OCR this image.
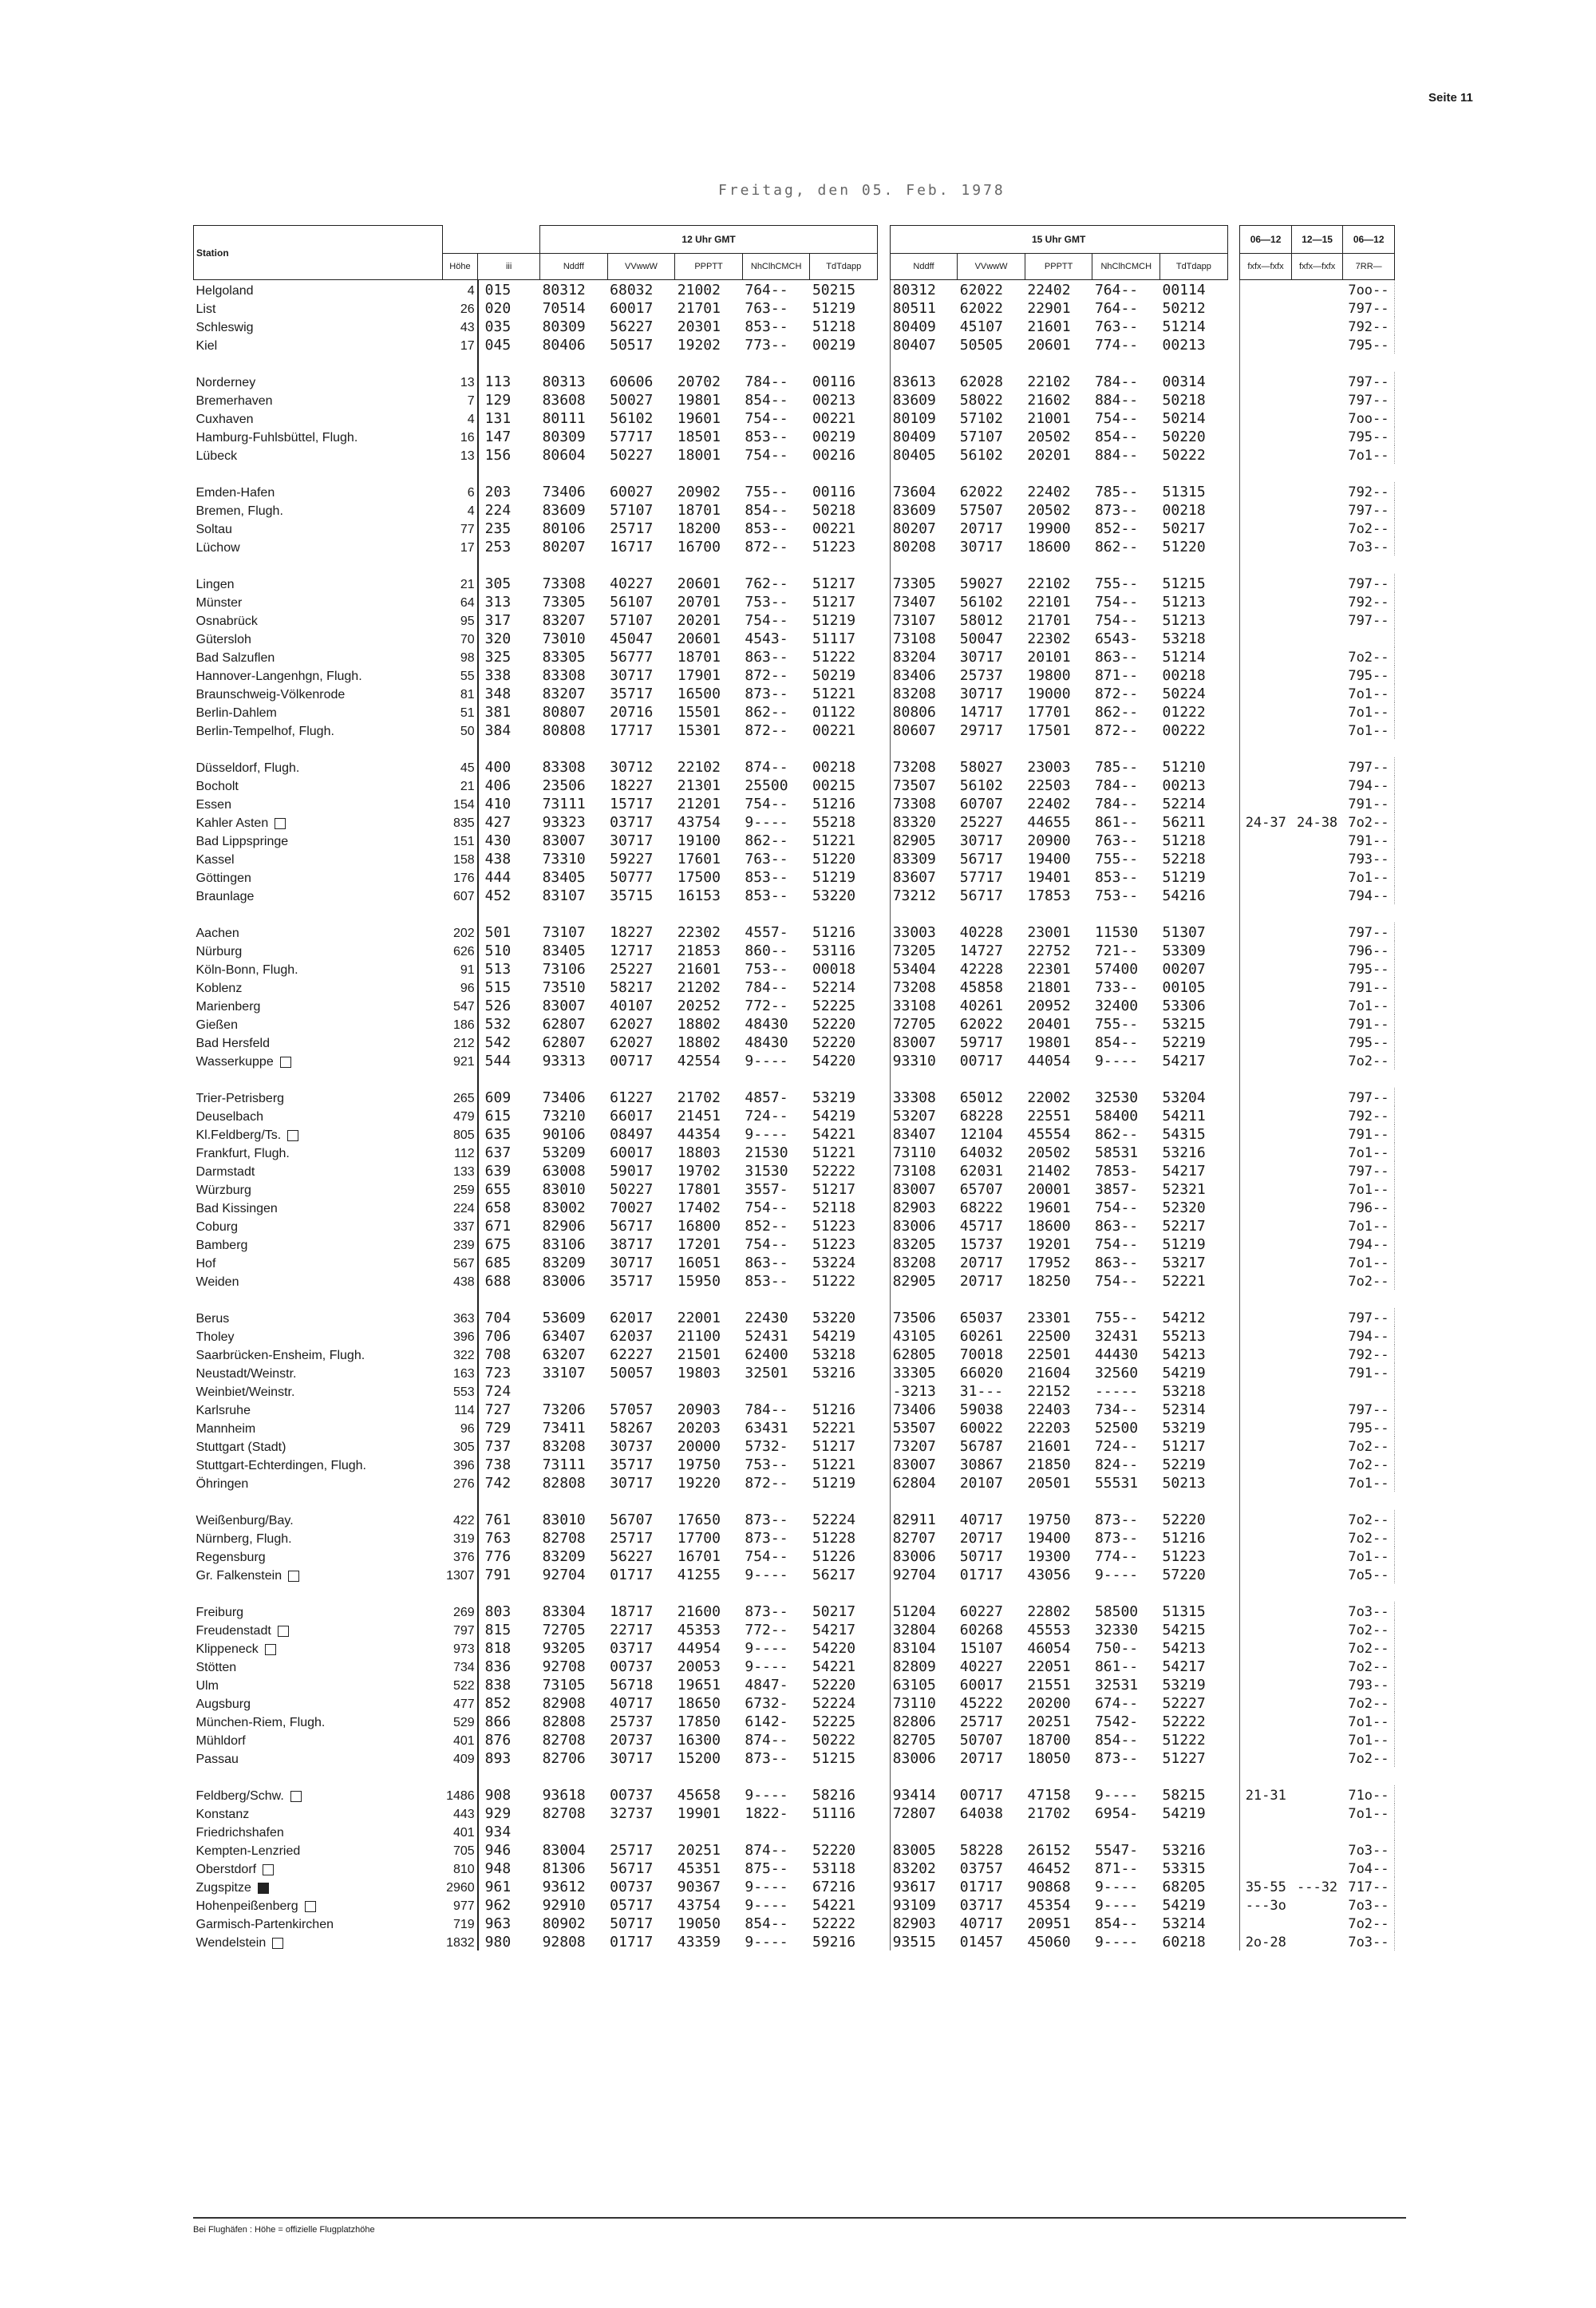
Seite 11
Freitag, den 05. Feb. 1978
Station			12 Uhr GMT						15 Uhr GMT						06—12	12—15	06—12
	Höhe	iii	Nddff	VVwwW	PPPTT	NhClhCMCH	TdTdapp		Nddff	VVwwW	PPPTT	NhClhCMCH	TdTdapp		fxfx—fxfx	fxfx—fxfx	7RR—
Helgoland	4	015	80312	68032	21002	764--	50215		80312	62022	22402	764--	00114				7oo--
List	26	020	70514	60017	21701	763--	51219		80511	62022	22901	764--	50212				797--
Schleswig	43	035	80309	56227	20301	853--	51218		80409	45107	21601	763--	51214				792--
Kiel	17	045	80406	50517	19202	773--	00219		80407	50505	20601	774--	00213				795--

Norderney	13	113	80313	60606	20702	784--	00116		83613	62028	22102	784--	00314				797--
Bremerhaven	7	129	83608	50027	19801	854--	00213		83609	58022	21602	884--	50218				797--
Cuxhaven	4	131	80111	56102	19601	754--	00221		80109	57102	21001	754--	50214				7oo--
Hamburg-Fuhlsbüttel, Flugh.	16	147	80309	57717	18501	853--	00219		80409	57107	20502	854--	50220				795--
Lübeck	13	156	80604	50227	18001	754--	00216		80405	56102	20201	884--	50222				7o1--

Emden-Hafen	6	203	73406	60027	20902	755--	00116		73604	62022	22402	785--	51315				792--
Bremen, Flugh.	4	224	83609	57107	18701	854--	50218		83609	57507	20502	873--	00218				797--
Soltau	77	235	80106	25717	18200	853--	00221		80207	20717	19900	852--	50217				7o2--
Lüchow	17	253	80207	16717	16700	872--	51223		80208	30717	18600	862--	51220				7o3--

Lingen	21	305	73308	40227	20601	762--	51217		73305	59027	22102	755--	51215				797--
Münster	64	313	73305	56107	20701	753--	51217		73407	56102	22101	754--	51213				792--
Osnabrück	95	317	83207	57107	20201	754--	51219		73107	58012	21701	754--	51213				797--
Gütersloh	70	320	73010	45047	20601	4543-	51117		73108	50047	22302	6543-	53218				
Bad Salzuflen	98	325	83305	56777	18701	863--	51222		83204	30717	20101	863--	51214				7o2--
Hannover-Langenhgn, Flugh.	55	338	83308	30717	17901	872--	50219		83406	25737	19800	871--	00218				795--
Braunschweig-Völkenrode	81	348	83207	35717	16500	873--	51221		83208	30717	19000	872--	50224				7o1--
Berlin-Dahlem	51	381	80807	20716	15501	862--	01122		80806	14717	17701	862--	01222				7o1--
Berlin-Tempelhof, Flugh.	50	384	80808	17717	15301	872--	00221		80607	29717	17501	872--	00222				7o1--

Düsseldorf, Flugh.	45	400	83308	30712	22102	874--	00218		73208	58027	23003	785--	51210				797--
Bocholt	21	406	23506	18227	21301	25500	00215		73507	56102	22503	784--	00213				794--
Essen	154	410	73111	15717	21201	754--	51216		73308	60707	22402	784--	52214				791--
Kahler Asten	835	427	93323	03717	43754	9----	55218		83320	25227	44655	861--	56211		24-37	24-38	7o2--
Bad Lippspringe	151	430	83007	30717	19100	862--	51221		82905	30717	20900	763--	51218				791--
Kassel	158	438	73310	59227	17601	763--	51220		83309	56717	19400	755--	52218				793--
Göttingen	176	444	83405	50777	17500	853--	51219		83607	57717	19401	853--	51219				7o1--
Braunlage	607	452	83107	35715	16153	853--	53220		73212	56717	17853	753--	54216				794--

Aachen	202	501	73107	18227	22302	4557-	51216		33003	40228	23001	11530	51307				797--
Nürburg	626	510	83405	12717	21853	860--	53116		73205	14727	22752	721--	53309				796--
Köln-Bonn, Flugh.	91	513	73106	25227	21601	753--	00018		53404	42228	22301	57400	00207				795--
Koblenz	96	515	73510	58217	21202	784--	52214		73208	45858	21801	733--	00105				791--
Marienberg	547	526	83007	40107	20252	772--	52225		33108	40261	20952	32400	53306				7o1--
Gießen	186	532	62807	62027	18802	48430	52220		72705	62022	20401	755--	53215				791--
Bad Hersfeld	212	542	62807	62027	18802	48430	52220		83007	59717	19801	854--	52219				795--
Wasserkuppe	921	544	93313	00717	42554	9----	54220		93310	00717	44054	9----	54217				7o2--

Trier-Petrisberg	265	609	73406	61227	21702	4857-	53219		33308	65012	22002	32530	53204				797--
Deuselbach	479	615	73210	66017	21451	724--	54219		53207	68228	22551	58400	54211				792--
Kl.Feldberg/Ts.	805	635	90106	08497	44354	9----	54221		83407	12104	45554	862--	54315				791--
Frankfurt, Flugh.	112	637	53209	60017	18803	21530	51221		73110	64032	20502	58531	53216				7o1--
Darmstadt	133	639	63008	59017	19702	31530	52222		73108	62031	21402	7853-	54217				797--
Würzburg	259	655	83010	50227	17801	3557-	51217		83007	65707	20001	3857-	52321				7o1--
Bad Kissingen	224	658	83002	70027	17402	754--	52118		82903	68222	19601	754--	52320				796--
Coburg	337	671	82906	56717	16800	852--	51223		83006	45717	18600	863--	52217				7o1--
Bamberg	239	675	83106	38717	17201	754--	51223		83205	15737	19201	754--	51219				794--
Hof	567	685	83209	30717	16051	863--	53224		83208	20717	17952	863--	53217				7o1--
Weiden	438	688	83006	35717	15950	853--	51222		82905	20717	18250	754--	52221				7o2--

Berus	363	704	53609	62017	22001	22430	53220		73506	65037	23301	755--	54212				797--
Tholey	396	706	63407	62037	21100	52431	54219		43105	60261	22500	32431	55213				794--
Saarbrücken-Ensheim, Flugh.	322	708	63207	62227	21501	62400	53218		62805	70018	22501	44430	54213				792--
Neustadt/Weinstr.	163	723	33107	50057	19803	32501	53216		33305	66020	21604	32560	54219				791--
Weinbiet/Weinstr.	553	724							-3213	31---	22152	-----	53218				
Karlsruhe	114	727	73206	57057	20903	784--	51216		73406	59038	22403	734--	52314				797--
Mannheim	96	729	73411	58267	20203	63431	52221		53507	60022	22203	52500	53219				795--
Stuttgart (Stadt)	305	737	83208	30737	20000	5732-	51217		73207	56787	21601	724--	51217				7o2--
Stuttgart-Echterdingen, Flugh.	396	738	73111	35717	19750	753--	51221		83007	30867	21850	824--	52219				7o2--
Öhringen	276	742	82808	30717	19220	872--	51219		62804	20107	20501	55531	50213				7o1--

Weißenburg/Bay.	422	761	83010	56707	17650	873--	52224		82911	40717	19750	873--	52220				7o2--
Nürnberg, Flugh.	319	763	82708	25717	17700	873--	51228		82707	20717	19400	873--	51216				7o2--
Regensburg	376	776	83209	56227	16701	754--	51226		83006	50717	19300	774--	51223				7o1--
Gr. Falkenstein	1307	791	92704	01717	41255	9----	56217		92704	01717	43056	9----	57220				7o5--

Freiburg	269	803	83304	18717	21600	873--	50217		51204	60227	22802	58500	51315				7o3--
Freudenstadt	797	815	72705	22717	45353	772--	54217		32804	60268	45553	32330	54215				7o2--
Klippeneck	973	818	93205	03717	44954	9----	54220		83104	15107	46054	750--	54213				7o2--
Stötten	734	836	92708	00737	20053	9----	54221		82809	40227	22051	861--	54217				7o2--
Ulm	522	838	73105	56718	19651	4847-	52220		63105	60017	21551	32531	53219				793--
Augsburg	477	852	82908	40717	18650	6732-	52224		73110	45222	20200	674--	52227				7o2--
München-Riem, Flugh.	529	866	82808	25737	17850	6142-	52225		82806	25717	20251	7542-	52222				7o1--
Mühldorf	401	876	82708	20737	16300	874--	50222		82705	50707	18700	854--	51222				7o1--
Passau	409	893	82706	30717	15200	873--	51215		83006	20717	18050	873--	51227				7o2--

Feldberg/Schw.	1486	908	93618	00737	45658	9----	58216		93414	00717	47158	9----	58215		21-31		71o--
Konstanz	443	929	82708	32737	19901	1822-	51116		72807	64038	21702	6954-	54219				7o1--
Friedrichshafen	401	934															
Kempten-Lenzried	705	946	83004	25717	20251	874--	52220		83005	58228	26152	5547-	53216				7o3--
Oberstdorf	810	948	81306	56717	45351	875--	53118		83202	03757	46452	871--	53315				7o4--
Zugspitze	2960	961	93612	00737	90367	9----	67216		93617	01717	90868	9----	68205		35-55	---32	717--
Hohenpeißenberg	977	962	92910	05717	43754	9----	54221		93109	03717	45354	9----	54219		---3o		7o3--
Garmisch-Partenkirchen	719	963	80902	50717	19050	854--	52222		82903	40717	20951	854--	53214				7o2--
Wendelstein	1832	980	92808	01717	43359	9----	59216		93515	01457	45060	9----	60218		2o-28		7o3--
Bei Flughäfen : Höhe = offizielle Flugplatzhöhe
